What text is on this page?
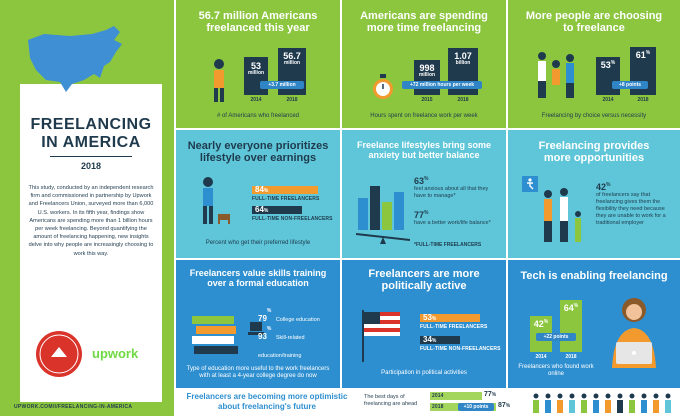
FREELANCING
IN AMERICA
2018
This study, conducted by an independent research firm and commissioned in partnership by Upwork and Freelancers Union, surveyed more than 6,000 U.S. workers. In its fifth year, findings show Americans are spending more than 1 billion hours per week freelancing. Beyond quantifying the amount of freelancing happening, new insights delve into why people are increasingly choosing to work this way.
upwork
UPWORK.COM/I/FREELANCING-IN-AMERICA
56.7 million Americans freelanced this year
53
million
56.7
million
+3.7 million
2014	2018
# of Americans who freelanced
Americans are spending more time freelancing
998
million
1.07
billion
+72 million hours per week
2015	2018
Hours spent on freelance work per week
More people are choosing to freelance
53%
61%
+8 points
2014	2018
Freelancing by choice versus necessity
Nearly everyone prioritizes lifestyle over earnings
84%
FULL-TIME FREELANCERS
64%
FULL-TIME NON-FREELANCERS
Percent who get their preferred lifestyle
Freelance lifestyles bring some anxiety but better balance
63%
feel anxious about all that they have to manage*
77%
have a better work/life balance*
*FULL-TIME FREELANCERS
Freelancing provides more opportunities
42%
of freelancers say that freelancing gives them the flexibility they need because they are unable to work for a traditional employer
Freelancers value skills training over a formal education
79% College education
93% Skill-related education/training
Type of education more useful to the work freelancers with at least a 4-year college degree do now
Freelancers are more politically active
53%
FULL-TIME FREELANCERS
34%
FULL-TIME NON-FREELANCERS
Participation in political activities
Tech is enabling freelancing
42%
64%
+22 points
2014	2018
Freelancers who found work online
Freelancers are becoming more optimistic about freelancing's future
The best days of freelancing are ahead
2014	77%
2018	+10 points	87%
